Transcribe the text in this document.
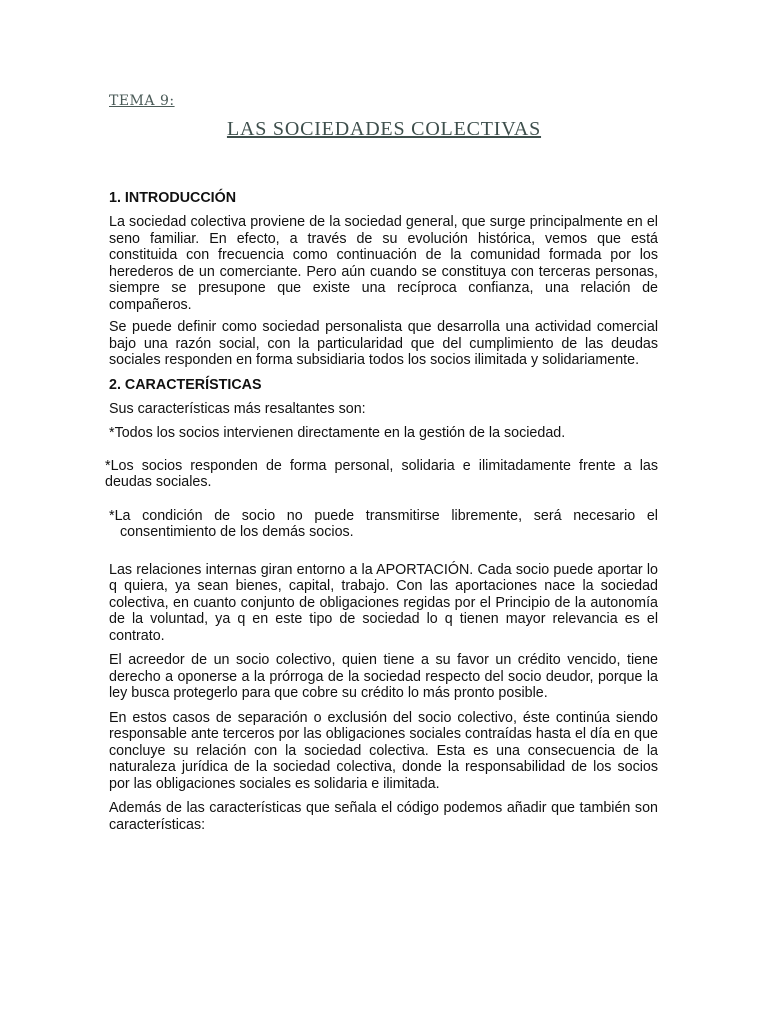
TEMA 9:
LAS SOCIEDADES COLECTIVAS
1. INTRODUCCIÓN

La sociedad colectiva proviene de la sociedad general, que surge principalmente en el seno familiar. En efecto, a través de su evolución histórica, vemos que está constituida con frecuencia como continuación de la comunidad formada por los herederos de un comerciante. Pero aún cuando se constituya con terceras personas, siempre se presupone que existe una recíproca confianza, una relación de compañeros.

Se puede definir como sociedad personalista que desarrolla una actividad comercial bajo una razón social, con la particularidad que del cumplimiento de las deudas sociales responden en forma subsidiaria todos los socios ilimitada y solidariamente.

2. CARACTERÍSTICAS

Sus características más resaltantes son:

*Todos los socios intervienen directamente en la gestión de la sociedad.

*Los socios responden de forma personal, solidaria e ilimitadamente frente a las deudas sociales.

*La condición de socio no puede transmitirse libremente, será necesario el consentimiento de los demás socios.

Las relaciones internas giran entorno a la APORTACIÓN. Cada socio puede aportar lo q quiera, ya sean bienes, capital, trabajo. Con las aportaciones nace la sociedad colectiva, en cuanto conjunto de obligaciones regidas por el Principio de la autonomía de la voluntad, ya q en este tipo de sociedad lo q tienen mayor relevancia es el contrato.

El acreedor de un socio colectivo, quien tiene a su favor un crédito vencido, tiene derecho a oponerse a la prórroga de la sociedad respecto del socio deudor, porque la ley busca protegerlo para que cobre su crédito lo más pronto posible.

En estos casos de separación o exclusión del socio colectivo, éste continúa siendo responsable ante terceros por las obligaciones sociales contraídas hasta el día en que concluye su relación con la sociedad colectiva. Esta es una consecuencia de la naturaleza jurídica de la sociedad colectiva, donde la responsabilidad de los socios por las obligaciones sociales es solidaria e ilimitada.

Además de las características que señala el código podemos añadir que también son características:
